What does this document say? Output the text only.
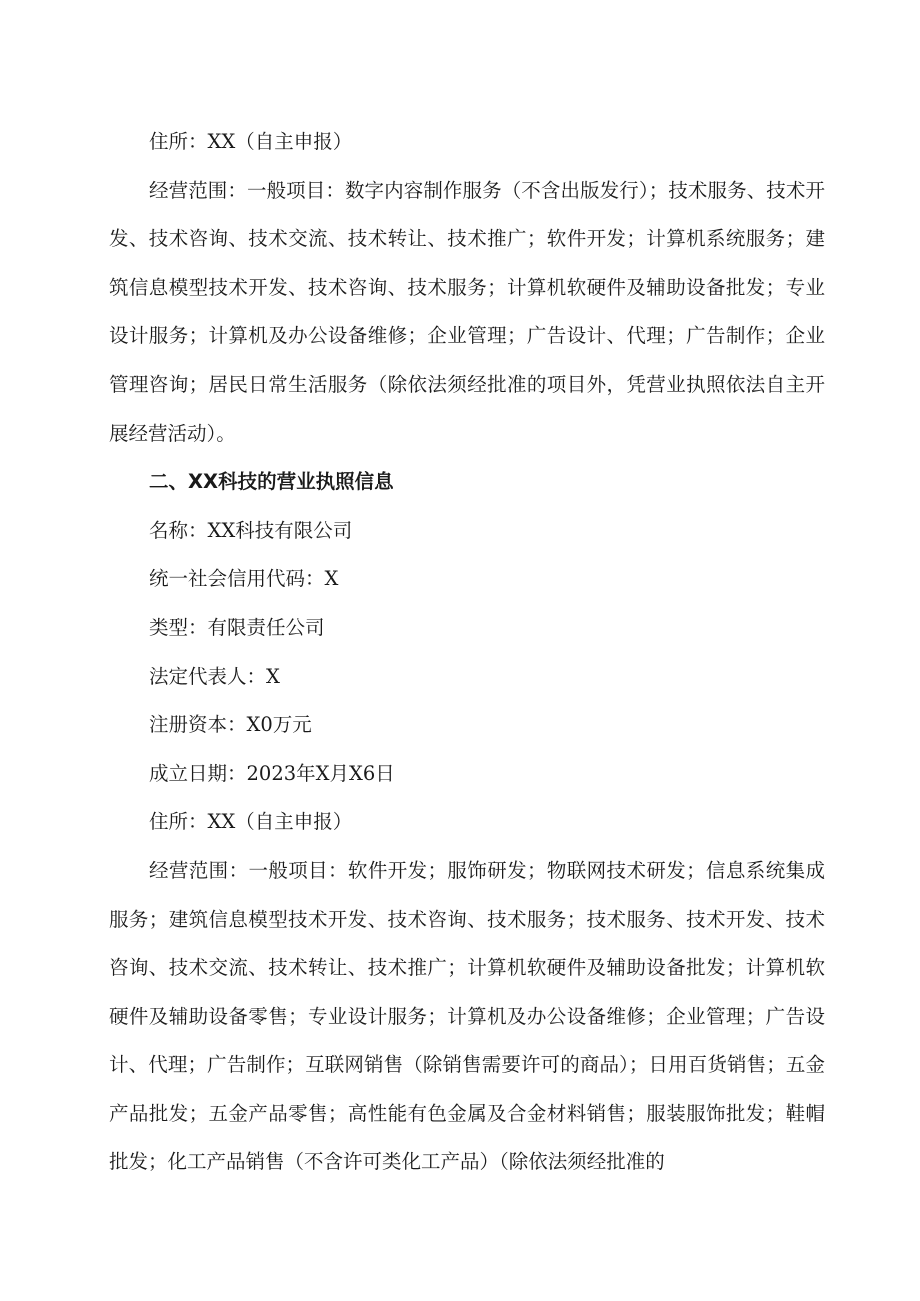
住所：XX（自主申报）

经营范围：一般项目：数字内容制作服务（不含出版发行）；技术服务、技术开发、技术咨询、技术交流、技术转让、技术推广；软件开发；计算机系统服务；建筑信息模型技术开发、技术咨询、技术服务；计算机软硬件及辅助设备批发；专业设计服务；计算机及办公设备维修；企业管理；广告设计、代理；广告制作；企业管理咨询；居民日常生活服务（除依法须经批准的项目外，凭营业执照依法自主开展经营活动）。

二、XX科技的营业执照信息

名称：XX科技有限公司

统一社会信用代码：X

类型：有限责任公司

法定代表人：X

注册资本：X0万元

成立日期：2023年X月X6日

住所：XX（自主申报）

经营范围：一般项目：软件开发；服饰研发；物联网技术研发；信息系统集成服务；建筑信息模型技术开发、技术咨询、技术服务；技术服务、技术开发、技术咨询、技术交流、技术转让、技术推广；计算机软硬件及辅助设备批发；计算机软硬件及辅助设备零售；专业设计服务；计算机及办公设备维修；企业管理；广告设计、代理；广告制作；互联网销售（除销售需要许可的商品）；日用百货销售；五金产品批发；五金产品零售；高性能有色金属及合金材料销售；服装服饰批发；鞋帽批发；化工产品销售（不含许可类化工产品）（除依法须经批准的
